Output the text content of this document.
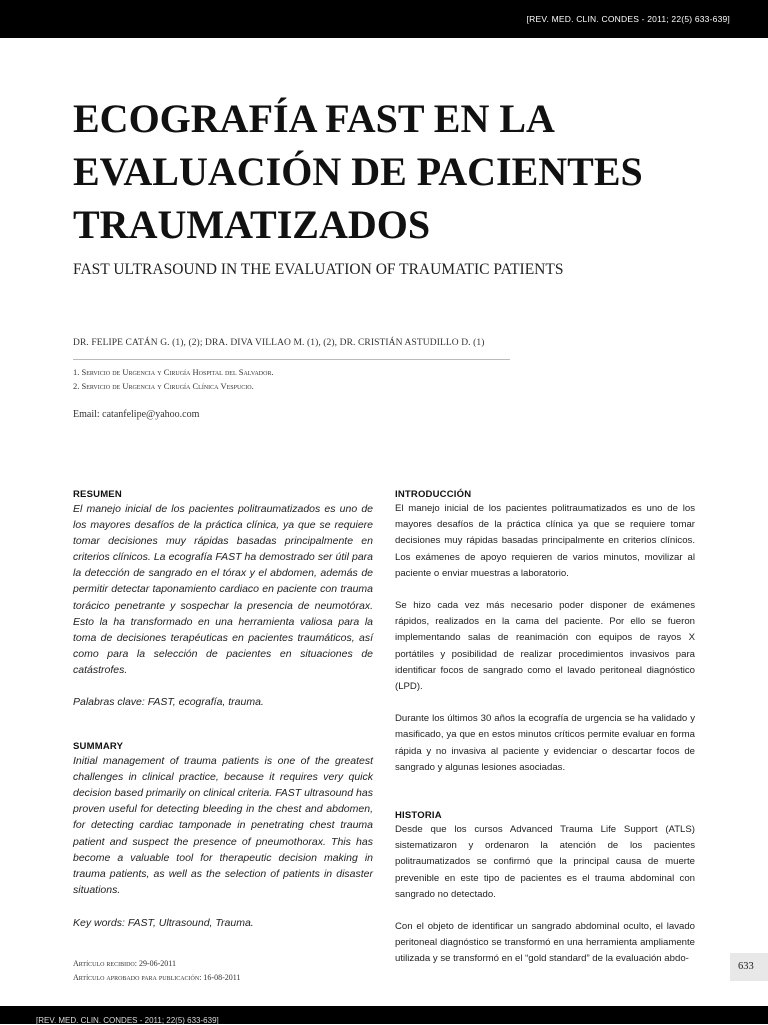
[REV. MED. CLIN. CONDES - 2011; 22(5) 633-639]
ECOGRAFÍA FAST EN LA
EVALUACIÓN DE PACIENTES
TRAUMATIZADOS
FAST ULTRASOUND IN THE EVALUATION OF TRAUMATIC PATIENTS
DR. FELIPE CATÁN G. (1), (2); DRA. DIVA VILLAO M. (1), (2), DR. CRISTIÁN ASTUDILLO D. (1)
1. Servicio de Urgencia y Cirugía Hospital del Salvador.
2. Servicio de Urgencia y Cirugía Clínica Vespucio.
Email: catanfelipe@yahoo.com
RESUMEN

El manejo inicial de los pacientes politraumatizados es uno de los mayores desafíos de la práctica clínica, ya que se requiere tomar decisiones muy rápidas basadas principalmente en criterios clínicos. La ecografía FAST ha demostrado ser útil para la detección de sangrado en el tórax y el abdomen, además de permitir detectar taponamiento cardiaco en paciente con trauma torácico penetrante y sospechar la presencia de neumotórax. Esto la ha transformado en una herramienta valiosa para la toma de decisiones terapéuticas en pacientes traumáticos, así como para la selección de pacientes en situaciones de catástrofes.

Palabras clave: FAST, ecografía, trauma.

SUMMARY

Initial management of trauma patients is one of the greatest challenges in clinical practice, because it requires very quick decision based primarily on clinical criteria. FAST ultrasound has proven useful for detecting bleeding in the chest and abdomen, for detecting cardiac tamponade in penetrating chest trauma patient and suspect the presence of pneumothorax. This has become a valuable tool for therapeutic decision making in trauma patients, as well as the selection of patients in disaster situations.

Key words: FAST, Ultrasound, Trauma.

Artículo recibido: 29-06-2011
Artículo aprobado para publicación: 16-08-2011
INTRODUCCIÓN

El manejo inicial de los pacientes politraumatizados es uno de los mayores desafíos de la práctica clínica ya que se requiere tomar decisiones muy rápidas basadas principalmente en criterios clínicos. Los exámenes de apoyo requieren de varios minutos, movilizar al paciente o enviar muestras a laboratorio.

Se hizo cada vez más necesario poder disponer de exámenes rápidos, realizados en la cama del paciente. Por ello se fueron implementando salas de reanimación con equipos de rayos X portátiles y posibilidad de realizar procedimientos invasivos para identificar focos de sangrado como el lavado peritoneal diagnóstico (LPD).

Durante los últimos 30 años la ecografía de urgencia se ha validado y masificado, ya que en estos minutos críticos permite evaluar en forma rápida y no invasiva al paciente y evidenciar o descartar focos de sangrado y algunas lesiones asociadas.

HISTORIA

Desde que los cursos Advanced Trauma Life Support (ATLS) sistematizaron y ordenaron la atención de los pacientes politraumatizados se confirmó que la principal causa de muerte prevenible en este tipo de pacientes es el trauma abdominal con sangrado no detectado.

Con el objeto de identificar un sangrado abdominal oculto, el lavado peritoneal diagnóstico se transformó en una herramienta ampliamente utilizada y se transformó en el “gold standard” de la evaluación abdo-

633
[REV. MED. CLIN. CONDES - 2011; 22(5) 633-639]
